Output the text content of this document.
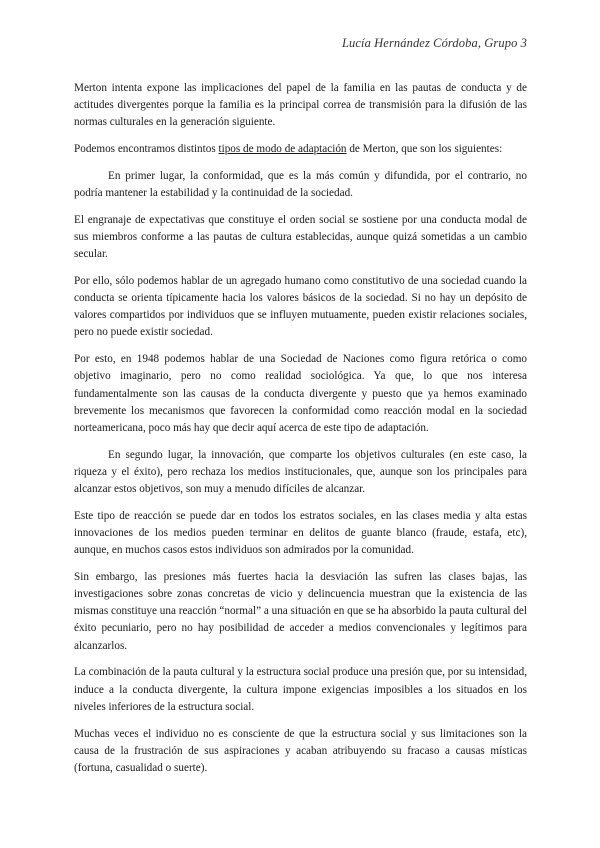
Lucía Hernández Córdoba, Grupo 3

Merton intenta expone las implicaciones del papel de la familia en las pautas de conducta y de actitudes divergentes porque la familia es la principal correa de transmisión para la difusión de las normas culturales en la generación siguiente.

Podemos encontramos distintos tipos de modo de adaptación de Merton, que son los siguientes:

En primer lugar, la conformidad, que es la más común y difundida, por el contrario, no podría mantener la estabilidad y la continuidad de la sociedad.

El engranaje de expectativas que constituye el orden social se sostiene por una conducta modal de sus miembros conforme a las pautas de cultura establecidas, aunque quizá sometidas a un cambio secular.

Por ello, sólo podemos hablar de un agregado humano como constitutivo de una sociedad cuando la conducta se orienta típicamente hacia los valores básicos de la sociedad. Si no hay un depósito de valores compartidos por individuos que se influyen mutuamente, pueden existir relaciones sociales, pero no puede existir sociedad.

Por esto, en 1948 podemos hablar de una Sociedad de Naciones como figura retórica o como objetivo imaginario, pero no como realidad sociológica. Ya que, lo que nos interesa fundamentalmente son las causas de la conducta divergente y puesto que ya hemos examinado brevemente los mecanismos que favorecen la conformidad como reacción modal en la sociedad norteamericana, poco más hay que decir aquí acerca de este tipo de adaptación.

En segundo lugar, la innovación, que comparte los objetivos culturales (en este caso, la riqueza y el éxito), pero rechaza los medios institucionales, que, aunque son los principales para alcanzar estos objetivos, son muy a menudo difíciles de alcanzar.

Este tipo de reacción se puede dar en todos los estratos sociales, en las clases media y alta estas innovaciones de los medios pueden terminar en delitos de guante blanco (fraude, estafa, etc), aunque, en muchos casos estos individuos son admirados por la comunidad.

Sin embargo, las presiones más fuertes hacia la desviación las sufren las clases bajas, las investigaciones sobre zonas concretas de vicio y delincuencia muestran que la existencia de las mismas constituye una reacción “normal” a una situación en que se ha absorbido la pauta cultural del éxito pecuniario, pero no hay posibilidad de acceder a medios convencionales y legítimos para alcanzarlos.

La combinación de la pauta cultural y la estructura social produce una presión que, por su intensidad, induce a la conducta divergente, la cultura impone exigencias imposibles a los situados en los niveles inferiores de la estructura social.

Muchas veces el individuo no es consciente de que la estructura social y sus limitaciones son la causa de la frustración de sus aspiraciones y acaban atribuyendo su fracaso a causas místicas (fortuna, casualidad o suerte).
